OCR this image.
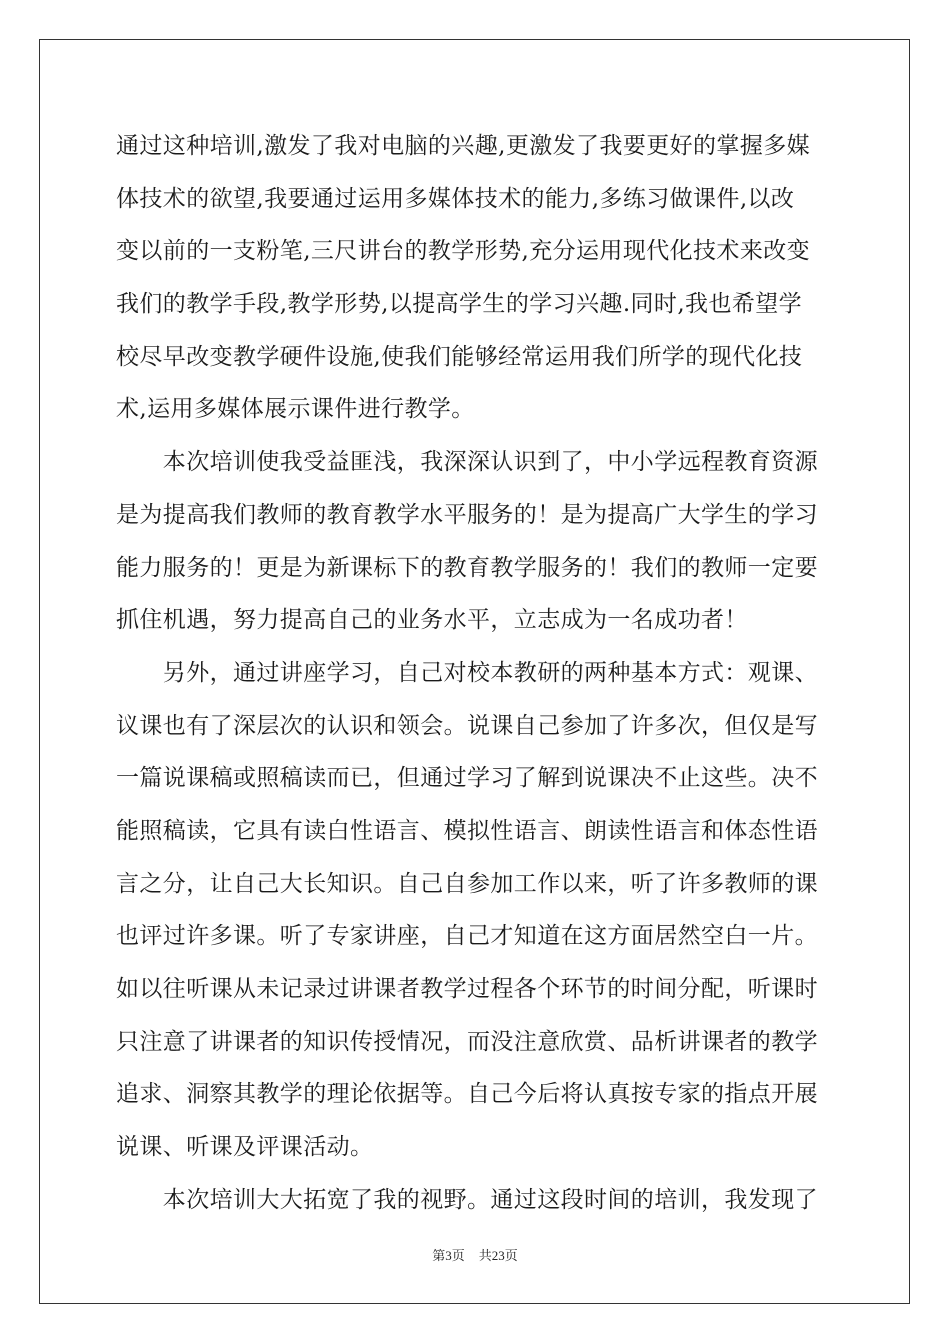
通过这种培训,激发了我对电脑的兴趣,更激发了我要更好的掌握多媒
体技术的欲望,我要通过运用多媒体技术的能力,多练习做课件,以改
变以前的一支粉笔,三尺讲台的教学形势,充分运用现代化技术来改变
我们的教学手段,教学形势,以提高学生的学习兴趣.同时,我也希望学
校尽早改变教学硬件设施,使我们能够经常运用我们所学的现代化技
术,运用多媒体展示课件进行教学。
　　本次培训使我受益匪浅，我深深认识到了，中小学远程教育资源
是为提高我们教师的教育教学水平服务的！是为提高广大学生的学习
能力服务的！更是为新课标下的教育教学服务的！我们的教师一定要
抓住机遇，努力提高自己的业务水平，立志成为一名成功者！
　　另外，通过讲座学习，自己对校本教研的两种基本方式：观课、
议课也有了深层次的认识和领会。说课自己参加了许多次，但仅是写
一篇说课稿或照稿读而已，但通过学习了解到说课决不止这些。决不
能照稿读，它具有读白性语言、模拟性语言、朗读性语言和体态性语
言之分，让自己大长知识。自己自参加工作以来，听了许多教师的课
也评过许多课。听了专家讲座，自己才知道在这方面居然空白一片。
如以往听课从未记录过讲课者教学过程各个环节的时间分配，听课时
只注意了讲课者的知识传授情况，而没注意欣赏、品析讲课者的教学
追求、洞察其教学的理论依据等。自己今后将认真按专家的指点开展
说课、听课及评课活动。
　　本次培训大大拓宽了我的视野。通过这段时间的培训，我发现了
第3页 共23页
